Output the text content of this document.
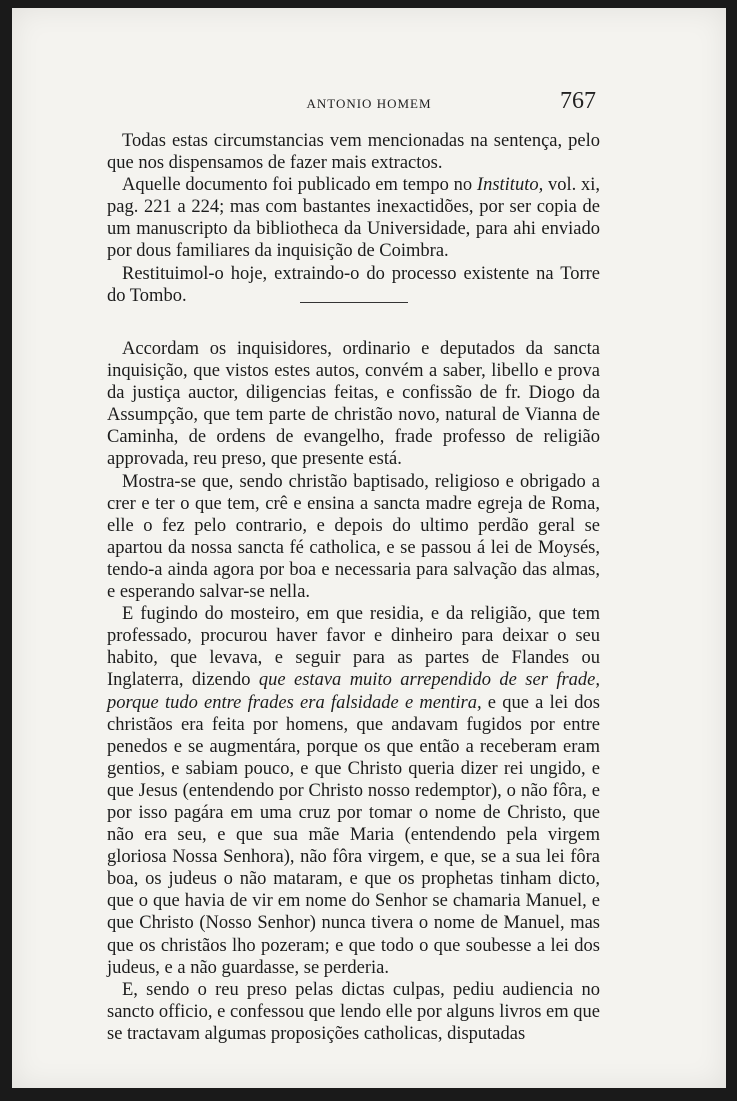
ANTONIO HOMEM	767

Todas estas circumstancias vem mencionadas na sentença, pelo que nos dispensamos de fazer mais extractos.

Aquelle documento foi publicado em tempo no Instituto, vol. xi, pag. 221 a 224; mas com bastantes inexactidões, por ser copia de um manuscripto da bibliotheca da Universidade, para ahi enviado por dous familiares da inquisição de Coimbra.

Restituimol-o hoje, extraindo-o do processo existente na Torre do Tombo.

Accordam os inquisidores, ordinario e deputados da sancta inquisição, que vistos estes autos, convém a saber, libello e prova da justiça auctor, diligencias feitas, e confissão de fr. Diogo da Assumpção, que tem parte de christão novo, natural de Vianna de Caminha, de ordens de evangelho, frade professo de religião approvada, reu preso, que presente está.

Mostra-se que, sendo christão baptisado, religioso e obrigado a crer e ter o que tem, crê e ensina a sancta madre egreja de Roma, elle o fez pelo contrario, e depois do ultimo perdão geral se apartou da nossa sancta fé catholica, e se passou á lei de Moysés, tendo-a ainda agora por boa e necessaria para salvação das almas, e esperando salvar-se nella.

E fugindo do mosteiro, em que residia, e da religião, que tem professado, procurou haver favor e dinheiro para deixar o seu habito, que levava, e seguir para as partes de Flandes ou Inglaterra, dizendo que estava muito arrependido de ser frade, porque tudo entre frades era falsidade e mentira, e que a lei dos christãos era feita por homens, que andavam fugidos por entre penedos e se augmentára, porque os que então a receberam eram gentios, e sabiam pouco, e que Christo queria dizer rei ungido, e que Jesus (entendendo por Christo nosso redemptor), o não fôra, e por isso pagára em uma cruz por tomar o nome de Christo, que não era seu, e que sua mãe Maria (entendendo pela virgem gloriosa Nossa Senhora), não fôra virgem, e que, se a sua lei fôra boa, os judeus o não mataram, e que os prophetas tinham dicto, que o que havia de vir em nome do Senhor se chamaria Manuel, e que Christo (Nosso Senhor) nunca tivera o nome de Manuel, mas que os christãos lho pozeram; e que todo o que soubesse a lei dos judeus, e a não guardasse, se perderia.

E, sendo o reu preso pelas dictas culpas, pediu audiencia no sancto officio, e confessou que lendo elle por alguns livros em que se tractavam algumas proposições catholicas, disputadas
